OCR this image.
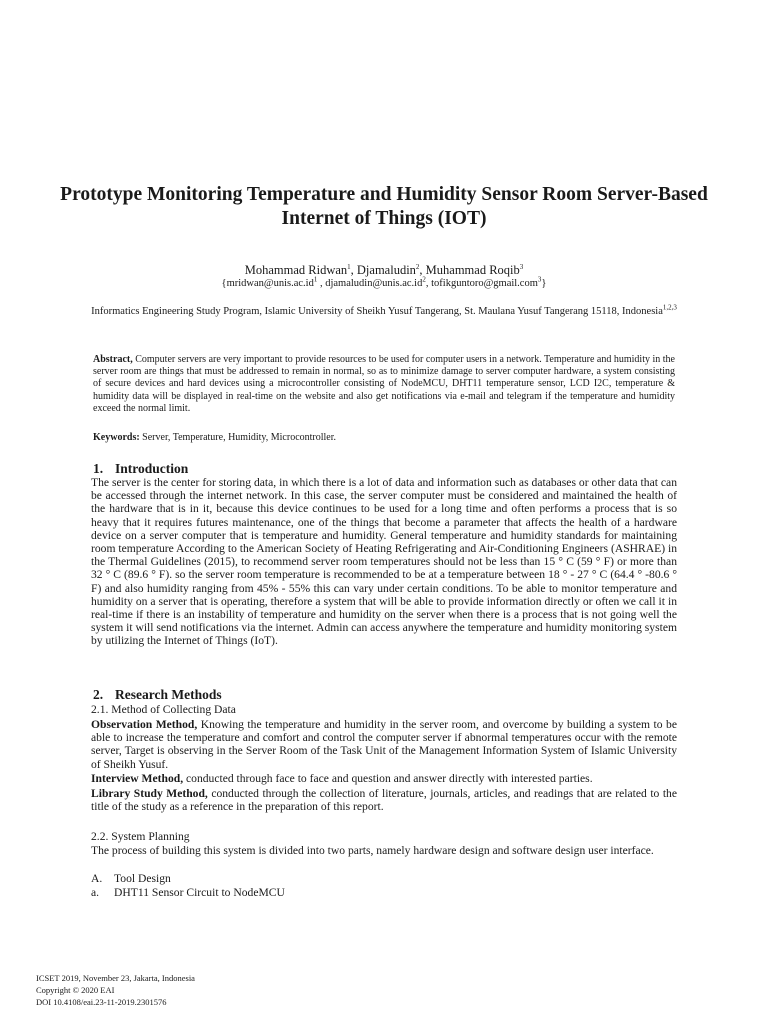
Prototype Monitoring Temperature and Humidity Sensor Room Server-Based Internet of Things (IOT)
Mohammad Ridwan$^1$, Djamaludin$^2$, Muhammad Roqib$^3$
{$mridwan@unis.ac.id^1$ , $djamaludin@unis.ac.id^2$, tofikguntoro@gmail.com$^3$}
Informatics Engineering Study Program, Islamic University of Sheikh Yusuf Tangerang, St. Maulana Yusuf Tangerang 15118, Indonesia$^{1,2,3}$
Abstract, Computer servers are very important to provide resources to be used for computer users in a network. Temperature and humidity in the server room are things that must be addressed to remain in normal, so as to minimize damage to server computer hardware, a system consisting of secure devices and hard devices using a microcontroller consisting of NodeMCU, DHT11 temperature sensor, LCD I2C, temperature & humidity data will be displayed in real-time on the website and also get notifications via e-mail and telegram if the temperature and humidity exceed the normal limit.
Keywords: Server, Temperature, Humidity, Microcontroller.
1. Introduction
The server is the center for storing data, in which there is a lot of data and information such as databases or other data that can be accessed through the internet network. In this case, the server computer must be considered and maintained the health of the hardware that is in it, because this device continues to be used for a long time and often performs a process that is so heavy that it requires futures maintenance, one of the things that become a parameter that affects the health of a hardware device on a server computer that is temperature and humidity. General temperature and humidity standards for maintaining room temperature According to the American Society of Heating Refrigerating and Air-Conditioning Engineers (ASHRAE) in the Thermal Guidelines (2015), to recommend server room temperatures should not be less than 15 ° C (59 ° F) or more than 32 ° C (89.6 ° F). so the server room temperature is recommended to be at a temperature between 18 ° - 27 ° C (64.4 ° -80.6 ° F) and also humidity ranging from 45% - 55% this can vary under certain conditions. To be able to monitor temperature and humidity on a server that is operating, therefore a system that will be able to provide information directly or often we call it in real-time if there is an instability of temperature and humidity on the server when there is a process that is not going well the system it will send notifications via the internet. Admin can access anywhere the temperature and humidity monitoring system by utilizing the Internet of Things (IoT).
2. Research Methods
2.1. Method of Collecting Data
Observation Method, Knowing the temperature and humidity in the server room, and overcome by building a system to be able to increase the temperature and comfort and control the computer server if abnormal temperatures occur with the remote server, Target is observing in the Server Room of the Task Unit of the Management Information System of Islamic University of Sheikh Yusuf.
Interview Method, conducted through face to face and question and answer directly with interested parties.
Library Study Method, conducted through the collection of literature, journals, articles, and readings that are related to the title of the study as a reference in the preparation of this report.
2.2. System Planning
The process of building this system is divided into two parts, namely hardware design and software design user interface.
A. Tool Design
a. DHT11 Sensor Circuit to NodeMCU
ICSET 2019, November 23, Jakarta, Indonesia
Copyright © 2020 EAI
DOI 10.4108/eai.23-11-2019.2301576
